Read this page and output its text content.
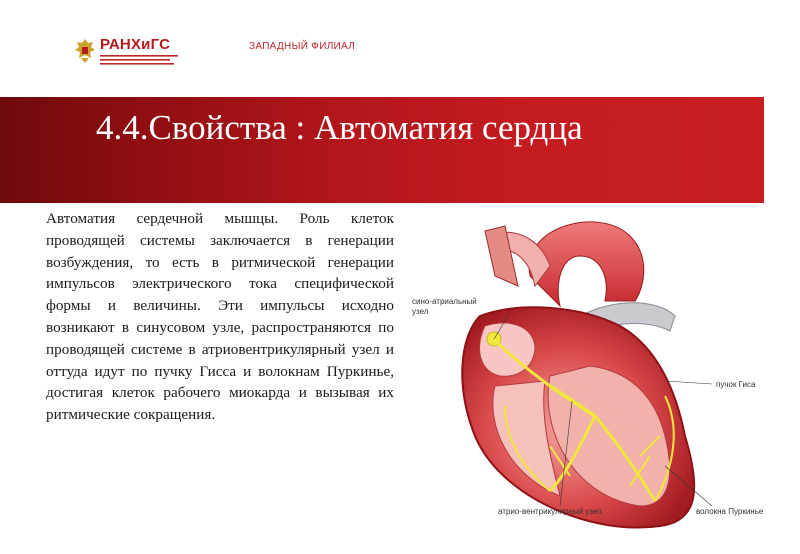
РАНХиГС	ЗАПАДНЫЙ ФИЛИАЛ
4.4.Свойства : Автоматия сердца
Автоматия сердечной мышцы. Роль клеток проводящей системы заключается в генерации возбуждения, то есть в ритмической генерации импульсов электрического тока специфической формы и величины. Эти импульсы исходно возникают в синусовом узле, распространяются по проводящей системе в атриовентрикулярный узел и оттуда идут по пучку Гисса и волокнам Пуркинье, достигая клеток рабочего миокарда и вызывая их ритмические сокращения.
сино-атриальный
узел
пучок Гиса
атрио-вентрикулярный узел	волокна Пуркинье
